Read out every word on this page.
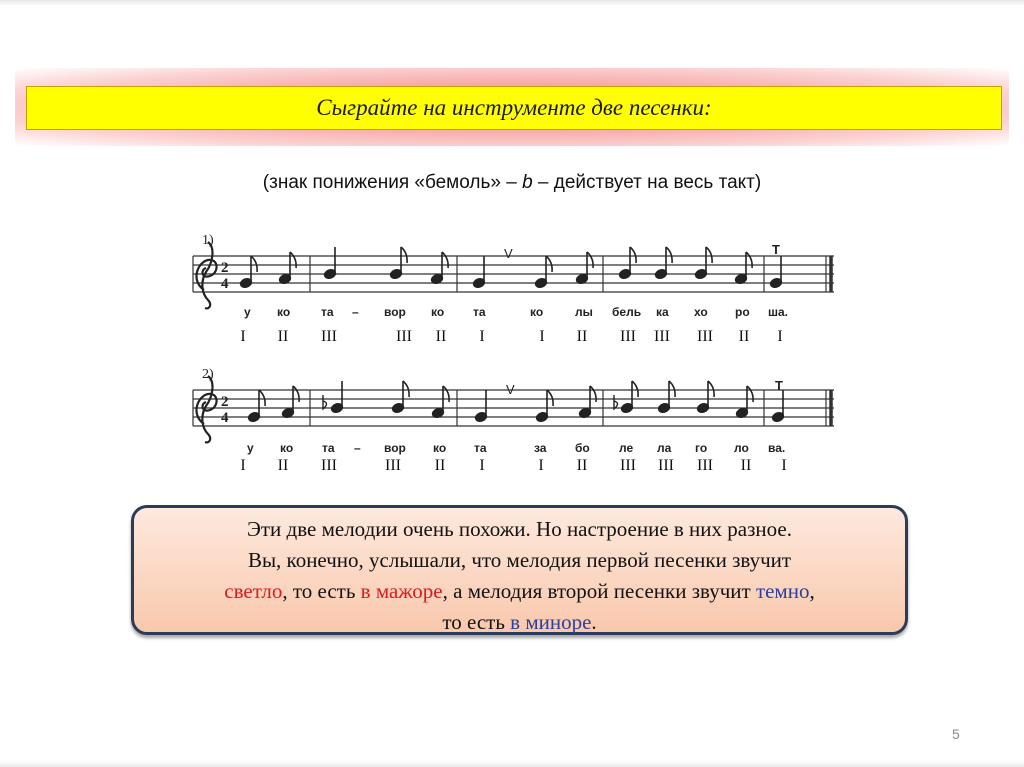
Сыграйте на инструменте две песенки:
(знак понижения «бемоль» – b – действует на весь такт)
2
4
1)
V	T
у ко	та – вор ко та	ко	лы бель ка хо ро ша.
2
4
2)
V	T
у ко та – вор ко та	за бо ле ла го ло ва.
I II III	III II I	I II III III III II I
I II III	III II I	I II III III III II I
Эти две мелодии очень похожи. Но настроение в них разное.
Вы, конечно, услышали, что мелодия первой песенки звучит
светло, то есть в мажоре, а мелодия второй песенки звучит темно,
то есть в миноре.
5
